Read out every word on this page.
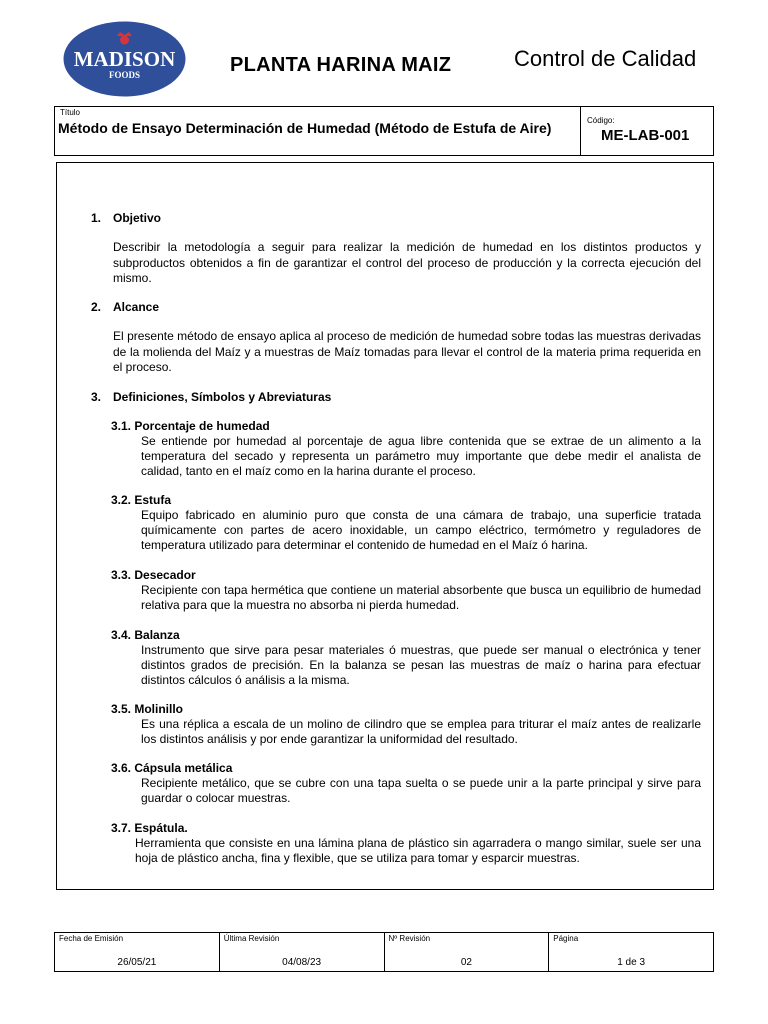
MADISON
FOODS	PLANTA HARINA MAIZ	Control de Calidad
Título
Método de Ensayo Determinación de Humedad (Método de Estufa de Aire)	Código:
ME-LAB-001
1. Objetivo
Describir la metodología a seguir para realizar la medición de humedad en los distintos productos y subproductos obtenidos a fin de garantizar el control del proceso de producción y la correcta ejecución del mismo.
2. Alcance
El presente método de ensayo aplica al proceso de medición de humedad sobre todas las muestras derivadas de la molienda del Maíz y a muestras de Maíz tomadas para llevar el control de la materia prima requerida en el proceso.
3. Definiciones, Símbolos y Abreviaturas
3.1. Porcentaje de humedad
Se entiende por humedad al porcentaje de agua libre contenida que se extrae de un alimento a la temperatura del secado y representa un parámetro muy importante que debe medir el analista de calidad, tanto en el maíz como en la harina durante el proceso.
3.2. Estufa
Equipo fabricado en aluminio puro que consta de una cámara de trabajo, una superficie tratada químicamente con partes de acero inoxidable, un campo eléctrico, termómetro y reguladores de temperatura utilizado para determinar el contenido de humedad en el Maíz ó harina.
3.3. Desecador
Recipiente con tapa hermética que contiene un material absorbente que busca un equilibrio de humedad relativa para que la muestra no absorba ni pierda humedad.
3.4. Balanza
Instrumento que sirve para pesar materiales ó muestras, que puede ser manual o electrónica y tener distintos grados de precisión. En la balanza se pesan las muestras de maíz o harina para efectuar distintos cálculos ó análisis a la misma.
3.5. Molinillo
Es una réplica a escala de un molino de cilindro que se emplea para triturar el maíz antes de realizarle los distintos análisis y por ende garantizar la uniformidad del resultado.
3.6. Cápsula metálica
Recipiente metálico, que se cubre con una tapa suelta o se puede unir a la parte principal y sirve para guardar o colocar muestras.
3.7. Espátula.
Herramienta que consiste en una lámina plana de plástico sin agarradera o mango similar, suele ser una hoja de plástico ancha, fina y flexible, que se utiliza para tomar y esparcir muestras.
Fecha de Emisión
26/05/21
Última Revisión
04/08/23
Nº Revisión
02
Página
1 de 3
